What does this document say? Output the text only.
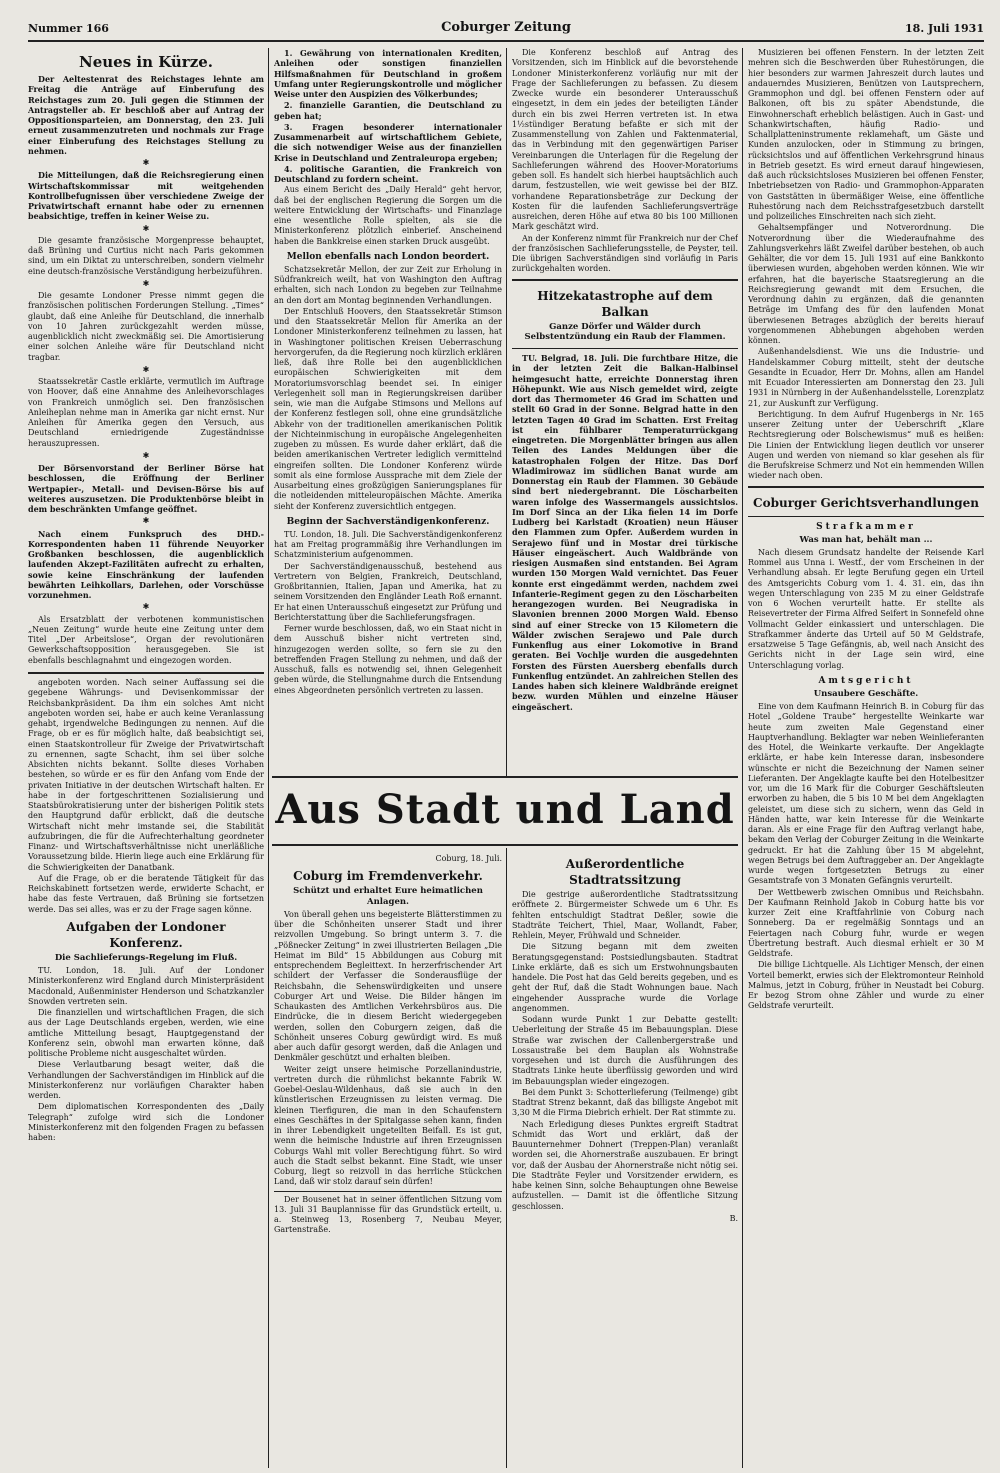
Nummer 166	Coburger Zeitung	18. Juli 1931
Neues in Kürze.

Der Aeltestenrat des Reichstages lehnte am Freitag die Anträge auf Einberufung des Reichstages zum 20. Juli gegen die Stimmen der Antragsteller ab. Er beschloß aber auf Antrag der Oppositionsparteien, am Donnerstag, den 23. Juli erneut zusammenzutreten und nochmals zur Frage einer Einberufung des Reichstages Stellung zu nehmen.

✱

Die Mitteilungen, daß die Reichsregierung einen Wirtschaftskommissar mit weitgehenden Kontrollbefugnissen über verschiedene Zweige der Privatwirtschaft ernannt habe oder zu ernennen beabsichtige, treffen in keiner Weise zu.

✱

Die gesamte französische Morgenpresse behauptet, daß Brüning und Curtius nicht nach Paris gekommen sind, um ein Diktat zu unterschreiben, sondern vielmehr eine deutsch-französische Verständigung herbeizuführen.

✱

Die gesamte Londoner Presse nimmt gegen die französischen politischen Forderungen Stellung. „Times“ glaubt, daß eine Anleihe für Deutschland, die innerhalb von 10 Jahren zurückgezahlt werden müsse, augenblicklich nicht zweckmäßig sei. Die Amortisierung einer solchen Anleihe wäre für Deutschland nicht tragbar.

✱

Staatssekretär Castle erklärte, vermutlich im Auftrage von Hoover, daß eine Annahme des Anleihevorschlages von Frankreich unmöglich sei. Den französischen Anleiheplan nehme man in Amerika gar nicht ernst. Nur Anleihen für Amerika gegen den Versuch, aus Deutschland erniedrigende Zugeständnisse herauszupressen.

✱

Der Börsenvorstand der Berliner Börse hat beschlossen, die Eröffnung der Berliner Wertpapier-, Metall- und Devisen-Börse bis auf weiteres auszusetzen. Die Produktenbörse bleibt in dem beschränkten Umfange geöffnet.

✱

Nach einem Funkspruch des DHD.-Korrespondenten haben 11 führende Neuyorker Großbanken beschlossen, die augenblicklich laufenden Akzept-Fazilitäten aufrecht zu erhalten, sowie keine Einschränkung der laufenden bewährten Leihkollars, Darlehen, oder Vorschüsse vorzunehmen.

✱

Als Ersatzblatt der verbotenen kommunistischen „Neuen Zeitung“ wurde heute eine Zeitung unter dem Titel „Der Arbeitslose“, Organ der revolutionären Gewerkschaftsopposition herausgegeben. Sie ist ebenfalls beschlagnahmt und eingezogen worden.

angeboten worden. Nach seiner Auffassung sei die gegebene Währungs- und Devisenkommissar der Reichsbankpräsident. Da ihm ein solches Amt nicht angeboten worden sei, habe er auch keine Veranlassung gehabt, irgendwelche Bedingungen zu nennen. Auf die Frage, ob er es für möglich halte, daß beabsichtigt sei, einen Staatskontrolleur für Zweige der Privatwirtschaft zu ernennen, sagte Schacht, ihm sei über solche Absichten nichts bekannt. Sollte dieses Vorhaben bestehen, so würde er es für den Anfang vom Ende der privaten Initiative in der deutschen Wirtschaft halten. Er habe in der fortgeschrittenen Sozialisierung und Staatsbürokratisierung unter der bisherigen Politik stets den Hauptgrund dafür erblickt, daß die deutsche Wirtschaft nicht mehr imstande sei, die Stabilität aufzubringen, die für die Aufrechterhaltung geordneter Finanz- und Wirtschaftsverhältnisse nicht unerläßliche Voraussetzung bilde. Hierin liege auch eine Erklärung für die Schwierigkeiten der Danatbank.

Auf die Frage, ob er die beratende Tätigkeit für das Reichskabinett fortsetzen werde, erwiderte Schacht, er habe das feste Vertrauen, daß Brüning sie fortsetzen werde. Das sei alles, was er zu der Frage sagen könne.

Aufgaben der Londoner Konferenz.
Die Sachlieferungs-Regelung im Fluß.

TU. London, 18. Juli. Auf der Londoner Ministerkonferenz wird England durch Ministerpräsident Macdonald, Außenminister Henderson und Schatzkanzler Snowden vertreten sein.

Die finanziellen und wirtschaftlichen Fragen, die sich aus der Lage Deutschlands ergeben, werden, wie eine amtliche Mitteilung besagt, Hauptgegenstand der Konferenz sein, obwohl man erwarten könne, daß politische Probleme nicht ausgeschaltet würden.

Diese Verlautbarung besagt weiter, daß die Verhandlungen der Sachverständigen im Hinblick auf die Ministerkonferenz nur vorläufigen Charakter haben werden.

Dem diplomatischen Korrespondenten des „Daily Telegraph“ zufolge wird sich die Londoner Ministerkonferenz mit den folgenden Fragen zu befassen haben:

1. Gewährung von internationalen Krediten, Anleihen oder sonstigen finanziellen Hilfsmaßnahmen für Deutschland in großem Umfang unter Regierungskontrolle und möglicher Weise unter den Auspizien des Völkerbundes;

2. finanzielle Garantien, die Deutschland zu geben hat;

3. Fragen besonderer internationaler Zusammenarbeit auf wirtschaftlichem Gebiete, die sich notwendiger Weise aus der finanziellen Krise in Deutschland und Zentraleuropa ergeben;

4. politische Garantien, die Frankreich von Deutschland zu fordern scheint.

Aus einem Bericht des „Daily Herald“ geht hervor, daß bei der englischen Regierung die Sorgen um die weitere Entwicklung der Wirtschafts- und Finanzlage eine wesentliche Rolle spielten, als sie die Ministerkonferenz plötzlich einberief. Anscheinend haben die Bankkreise einen starken Druck ausgeübt.

Mellon ebenfalls nach London beordert.

Schatzsekretär Mellon, der zur Zeit zur Erholung in Südfrankreich weilt, hat von Washington den Auftrag erhalten, sich nach London zu begeben zur Teilnahme an den dort am Montag beginnenden Verhandlungen.

Der Entschluß Hoovers, den Staatssekretär Stimson und den Staatssekretär Mellon für Amerika an der Londoner Ministerkonferenz teilnehmen zu lassen, hat in Washingtoner politischen Kreisen Ueberraschung hervorgerufen, da die Regierung noch kürzlich erklären ließ, daß ihre Rolle bei den augenblicklichen europäischen Schwierigkeiten mit dem Moratoriumsvorschlag beendet sei. In einiger Verlegenheit soll man in Regierungskreisen darüber sein, wie man die Aufgabe Stimsons und Mellons auf der Konferenz festlegen soll, ohne eine grundsätzliche Abkehr von der traditionellen amerikanischen Politik der Nichteinmischung in europäische Angelegenheiten zugeben zu müssen. Es wurde daher erklärt, daß die beiden amerikanischen Vertreter lediglich vermittelnd eingreifen sollten. Die Londoner Konferenz würde somit als eine formlose Aussprache mit dem Ziele der Ausarbeitung eines großzügigen Sanierungsplanes für die notleidenden mitteleuropäischen Mächte. Amerika sieht der Konferenz zuversichtlich entgegen.

Beginn der Sachverständigenkonferenz.

TU. London, 18. Juli. Die Sachverständigenkonferenz hat am Freitag programmäßig ihre Verhandlungen im Schatzministerium aufgenommen.

Der Sachverständigenausschuß, bestehend aus Vertretern von Belgien, Frankreich, Deutschland, Großbritannien, Italien, Japan und Amerika, hat zu seinem Vorsitzenden den Engländer Leath Roß ernannt. Er hat einen Unterausschuß eingesetzt zur Prüfung und Berichterstattung über die Sachlieferungsfragen.

Ferner wurde beschlossen, daß, wo ein Staat nicht in dem Ausschuß bisher nicht vertreten sind, hinzugezogen werden sollte, so fern sie zu den betreffenden Fragen Stellung zu nehmen, und daß der Ausschuß, falls es notwendig sei, ihnen Gelegenheit geben würde, die Stellungnahme durch die Entsendung eines Abgeordneten persönlich vertreten zu lassen.

Die Konferenz beschloß auf Antrag des Vorsitzenden, sich im Hinblick auf die bevorstehende Londoner Ministerkonferenz vorläufig nur mit der Frage der Sachlieferungen zu befassen. Zu diesem Zwecke wurde ein besonderer Unterausschuß eingesetzt, in dem ein jedes der beteiligten Länder durch ein bis zwei Herren vertreten ist. In etwa 1½stündiger Beratung befaßte er sich mit der Zusammenstellung von Zahlen und Faktenmaterial, das in Verbindung mit den gegenwärtigen Pariser Vereinbarungen die Unterlagen für die Regelung der Sachlieferungen während des Hoover-Moratoriums geben soll. Es handelt sich hierbei hauptsächlich auch darum, festzustellen, wie weit gewisse bei der BIZ. vorhandene Reparationsbeträge zur Deckung der Kosten für die laufenden Sachlieferungsverträge ausreichen, deren Höhe auf etwa 80 bis 100 Millionen Mark geschätzt wird.

An der Konferenz nimmt für Frankreich nur der Chef der französischen Sachlieferungsstelle, de Peyster, teil. Die übrigen Sachverständigen sind vorläufig in Paris zurückgehalten worden.

Hitzekatastrophe auf dem Balkan
Ganze Dörfer und Wälder durch Selbstentzündung ein Raub der Flammen.

TU. Belgrad, 18. Juli. Die furchtbare Hitze, die in der letzten Zeit die Balkan-Halbinsel heimgesucht hatte, erreichte Donnerstag ihren Höhepunkt. Wie aus Nisch gemeldet wird, zeigte dort das Thermometer 46 Grad im Schatten und stellt 60 Grad in der Sonne. Belgrad hatte in den letzten Tagen 40 Grad im Schatten. Erst Freitag ist ein fühlbarer Temperaturrückgang eingetreten. Die Morgenblätter bringen aus allen Teilen des Landes Meldungen über die katastrophalen Folgen der Hitze. Das Dorf Wladimirowaz im südlichen Banat wurde am Donnerstag ein Raub der Flammen. 30 Gebäude sind bert niedergebrannt. Die Löscharbeiten waren infolge des Wassermangels aussichtslos. Im Dorf Sinca an der Lika fielen 14 im Dorfe Ludberg bei Karlstadt (Kroatien) neun Häuser den Flammen zum Opfer. Außerdem wurden in Serajewo fünf und in Mostar drei türkische Häuser eingeäschert. Auch Waldbrände von riesigen Ausmaßen sind entstanden. Bei Agram wurden 150 Morgen Wald vernichtet. Das Feuer konnte erst eingedämmt werden, nachdem zwei Infanterie-Regiment gegen zu den Löscharbeiten herangezogen wurden. Bei Neugradiska in Slavonien brennen 2000 Morgen Wald. Ebenso sind auf einer Strecke von 15 Kilometern die Wälder zwischen Serajewo und Pale durch Funkenflug aus einer Lokomotive in Brand geraten. Bei Vochlje wurden die ausgedehnten Forsten des Fürsten Auersberg ebenfalls durch Funkenflug entzündet. An zahlreichen Stellen des Landes haben sich kleinere Waldbrände ereignet bezw. wurden Mühlen und einzelne Häuser eingeäschert.

Aus Stadt und Land
Coburg, 18. Juli.
Coburg im Fremdenverkehr.
Schützt und erhaltet Eure heimatlichen Anlagen.

Von überall gehen uns begeisterte Blätterstimmen zu über die Schönheiten unserer Stadt und ihrer reizvollen Umgebung. So bringt unterm 3. 7. die „Pößnecker Zeitung“ in zwei illustrierten Beilagen „Die Heimat im Bild“ 15 Abbildungen aus Coburg mit entsprechendem Begleittext. In herzerfrischender Art schildert der Verfasser die Sonderausflüge der Reichsbahn, die Sehenswürdigkeiten und unsere Coburger Art und Weise. Die Bilder hängen im Schaukasten des Amtlichen Verkehrsbüros aus. Die Eindrücke, die in diesem Bericht wiedergegeben werden, sollen den Coburgern zeigen, daß die Schönheit unseres Coburg gewürdigt wird. Es muß aber auch dafür gesorgt werden, daß die Anlagen und Denkmäler geschützt und erhalten bleiben.

Weiter zeigt unsere heimische Porzellanindustrie, vertreten durch die rühmlichst bekannte Fabrik W. Goebel-Oeslau-Wildenhaus, daß sie auch in den künstlerischen Erzeugnissen zu leisten vermag. Die kleinen Tierfiguren, die man in den Schaufenstern eines Geschäftes in der Spitalgasse sehen kann, finden in ihrer Lebendigkeit ungeteilten Beifall. Es ist gut, wenn die heimische Industrie auf ihren Erzeugnissen Coburgs Wahl mit voller Berechtigung führt. So wird auch die Stadt selbst bekannt. Eine Stadt, wie unser Coburg, liegt so reizvoll in das herrliche Stückchen Land, daß wir stolz darauf sein dürfen!

Der Bousenet hat in seiner öffentlichen Sitzung vom 13. Juli 31 Bauplannisse für das Grundstück erteilt, u. a. Steinweg 13, Rosenberg 7, Neubau Meyer, Gartenstraße.

Außerordentliche Stadtratssitzung

Die gestrige außerordentliche Stadtratssitzung eröffnete 2. Bürgermeister Schwede um 6 Uhr. Es fehlten entschuldigt Stadtrat Deßler, sowie die Stadträte Teichert, Thiel, Maar, Wollandt, Faber, Rehlein, Meyer, Frühwald und Schneider.

Die Sitzung begann mit dem zweiten Beratungsgegenstand: Postsiedlungsbauten. Stadtrat Linke erklärte, daß es sich um Erstwohnungsbauten handele. Die Post hat das Geld bereits gegeben, und es geht der Ruf, daß die Stadt Wohnungen baue. Nach eingehender Aussprache wurde die Vorlage angenommen.

Sodann wurde Punkt 1 zur Debatte gestellt: Ueberleitung der Straße 45 im Bebauungsplan. Diese Straße war zwischen der Callenbergerstraße und Lossaustraße bei dem Bauplan als Wohnstraße vorgesehen und ist durch die Ausführungen des Stadtrats Linke heute überflüssig geworden und wird im Bebauungsplan wieder eingezogen.

Bei dem Punkt 3: Schotterlieferung (Teilmenge) gibt Stadtrat Strenz bekannt, daß das billigste Angebot mit 3,30 M die Firma Diebrich erhielt. Der Rat stimmte zu.

Nach Erledigung dieses Punktes ergreift Stadtrat Schmidt das Wort und erklärt, daß der Bauunternehmer Dohnert (Treppen-Plan) veranlaßt worden sei, die Ahornerstraße auszubauen. Er bringt vor, daß der Ausbau der Ahornerstraße nicht nötig sei. Die Stadträte Feyler und Vorsitzender erwidern, es habe keinen Sinn, solche Behauptungen ohne Beweise aufzustellen. — Damit ist die öffentliche Sitzung geschlossen.

B.

Musizieren bei offenen Fenstern. In der letzten Zeit mehren sich die Beschwerden über Ruhestörungen, die hier besonders zur warmen Jahreszeit durch lautes und andauerndes Musizieren, Benützen von Lautsprechern, Grammophon und dgl. bei offenen Fenstern oder auf Balkonen, oft bis zu später Abendstunde, die Einwohnerschaft erheblich belästigen. Auch in Gast- und Schankwirtschaften, häufig Radio- und Schallplatteninstrumente reklamehaft, um Gäste und Kunden anzulocken, oder in Stimmung zu bringen, rücksichtslos und auf öffentlichen Verkehrsgrund hinaus in Betrieb gesetzt. Es wird erneut darauf hingewiesen, daß auch rücksichtsloses Musizieren bei offenen Fenster, Inbetriebsetzen von Radio- und Grammophon-Apparaten von Gaststätten in übermäßiger Weise, eine öffentliche Ruhestörung nach dem Reichsstrafgesetzbuch darstellt und polizeiliches Einschreiten nach sich zieht.

Gehaltsempfänger und Notverordnung. Die Notverordnung über die Wiederaufnahme des Zahlungsverkehrs läßt Zweifel darüber bestehen, ob auch Gehälter, die vor dem 15. Juli 1931 auf eine Bankkonto überwiesen wurden, abgehoben werden können. Wie wir erfahren, hat die bayerische Staatsregierung an die Reichsregierung gewandt mit dem Ersuchen, die Verordnung dahin zu ergänzen, daß die genannten Beträge im Umfang des für den laufenden Monat überwiesenen Betrages abzüglich der bereits hierauf vorgenommenen Abhebungen abgehoben werden können.

Außenhandelsdienst. Wie uns die Industrie- und Handelskammer Coburg mitteilt, steht der deutsche Gesandte in Ecuador, Herr Dr. Mohns, allen am Handel mit Ecuador Interessierten am Donnerstag den 23. Juli 1931 in Nürnberg in der Außenhandelsstelle, Lorenzplatz 21, zur Auskunft zur Verfügung.

Berichtigung. In dem Aufruf Hugenbergs in Nr. 165 unserer Zeitung unter der Ueberschrift „Klare Rechtsregierung oder Bolschewismus“ muß es heißen: Die Linien der Entwicklung liegen deutlich vor unserer Augen und werden von niemand so klar gesehen als für die Berufskreise Schmerz und Not ein hemmenden Willen wieder nach oben.

Coburger Gerichtsverhandlungen
Strafkammer
Was man hat, behält man ...

Nach diesem Grundsatz handelte der Reisende Karl Rommel aus Unna i. Westf., der vom Erscheinen in der Verhandlung absah. Er legte Berufung gegen ein Urteil des Amtsgerichts Coburg vom 1. 4. 31. ein, das ihn wegen Unterschlagung von 235 M zu einer Geldstrafe von 6 Wochen verurteilt hatte. Er stellte als Reisevertreter der Firma Alfred Seifert in Sonnefeld ohne Vollmacht Gelder einkassiert und unterschlagen. Die Strafkammer änderte das Urteil auf 50 M Geldstrafe, ersatzweise 5 Tage Gefängnis, ab, weil nach Ansicht des Gerichts nicht in der Lage sein wird, eine Unterschlagung vorlag.

Amtsgericht
Unsaubere Geschäfte.

Eine von dem Kaufmann Heinrich B. in Coburg für das Hotel „Goldene Traube“ hergestellte Weinkarte war heute zum zweiten Male Gegenstand einer Hauptverhandlung. Beklagter war neben Weinlieferanten des Hotel, die Weinkarte verkaufte. Der Angeklagte erklärte, er habe kein Interesse daran, insbesondere wünschte er nicht die Bezeichnung der Namen seiner Lieferanten. Der Angeklagte kaufte bei den Hotelbesitzer vor, um die 16 Mark für die Coburger Geschäftsleuten erworben zu haben, die 5 bis 10 M bei dem Angeklagten geleistet, um diese sich zu sichern, wenn das Geld in Händen hatte, war kein Interesse für die Weinkarte daran. Als er eine Frage für den Auftrag verlangt habe, bekam den Verlag der Coburger Zeitung in die Weinkarte gedruckt. Er hat die Zahlung über 15 M abgelehnt, wegen Betrugs bei dem Auftraggeber an. Der Angeklagte wurde wegen fortgesetzten Betrugs zu einer Gesamtstrafe von 3 Monaten Gefängnis verurteilt.

Der Wettbewerb zwischen Omnibus und Reichsbahn. Der Kaufmann Reinhold Jakob in Coburg hatte bis vor kurzer Zeit eine Kraftfahrlinie von Coburg nach Sonneberg. Da er regelmäßig Sonntags und an Feiertagen nach Coburg fuhr, wurde er wegen Übertretung bestraft. Auch diesmal erhielt er 30 M Geldstrafe.

Die billige Lichtquelle. Als Lichtiger Mensch, der einen Vorteil bemerkt, erwies sich der Elektromonteur Reinhold Malmus, jetzt in Coburg, früher in Neustadt bei Coburg. Er bezog Strom ohne Zähler und wurde zu einer Geldstrafe verurteilt.
